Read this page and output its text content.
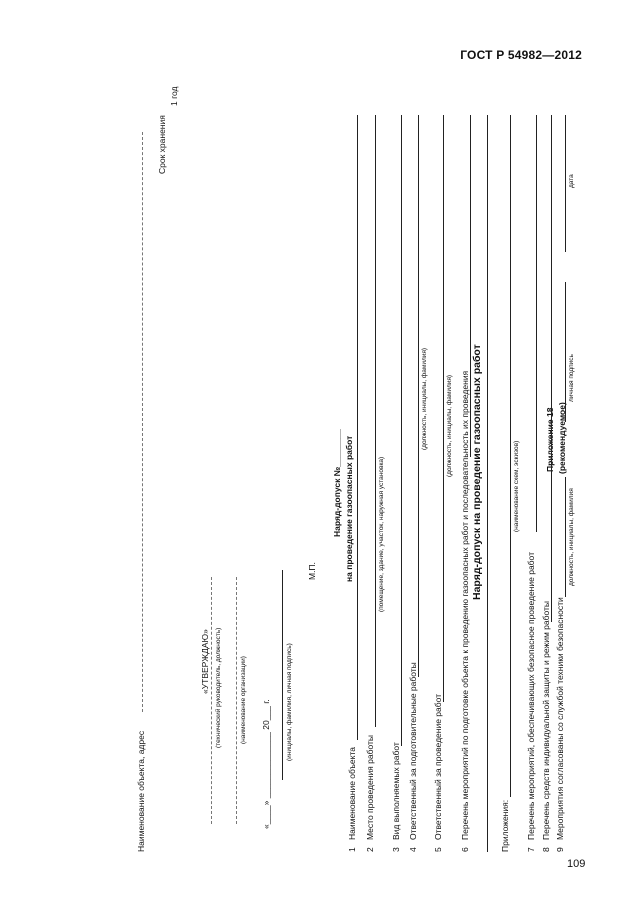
ГОСТ Р 54982—2012
109
Приложение 18 (рекомендуемое)
Наряд-допуск на проведение газоопасных работ
Наименование объекта, адрес
Срок хранения
1 год
«УТВЕРЖДАЮ» (технический руководитель, должность)	(наименование организации) «____» ______________ 20___ г. (инициалы, фамилия, личная подпись)
М.П.
Наряд-допуск №________ на проведение газоопасных работ
1
Наименование объекта
2
Место проведения работы
(помещение, здание, участок, наружная установка)
3
Вид выполняемых работ
4
Ответственный за подготовительные работы
(должность, инициалы, фамилия)
5
Ответственный за проведение работ
(должность, инициалы, фамилия)
6
Перечень мероприятий по подготовке объекта к проведению газоопасных работ и последовательность их проведения	Приложения:
(наименование схем, эскизов)
7
Перечень мероприятий, обеспечивающих безопасное проведение работ
8
Перечень средств индивидуальной защиты и режим работы
9
Мероприятия согласованы со службой техники безопасности
должность, инициалы, фамилия
личная подпись
дата
